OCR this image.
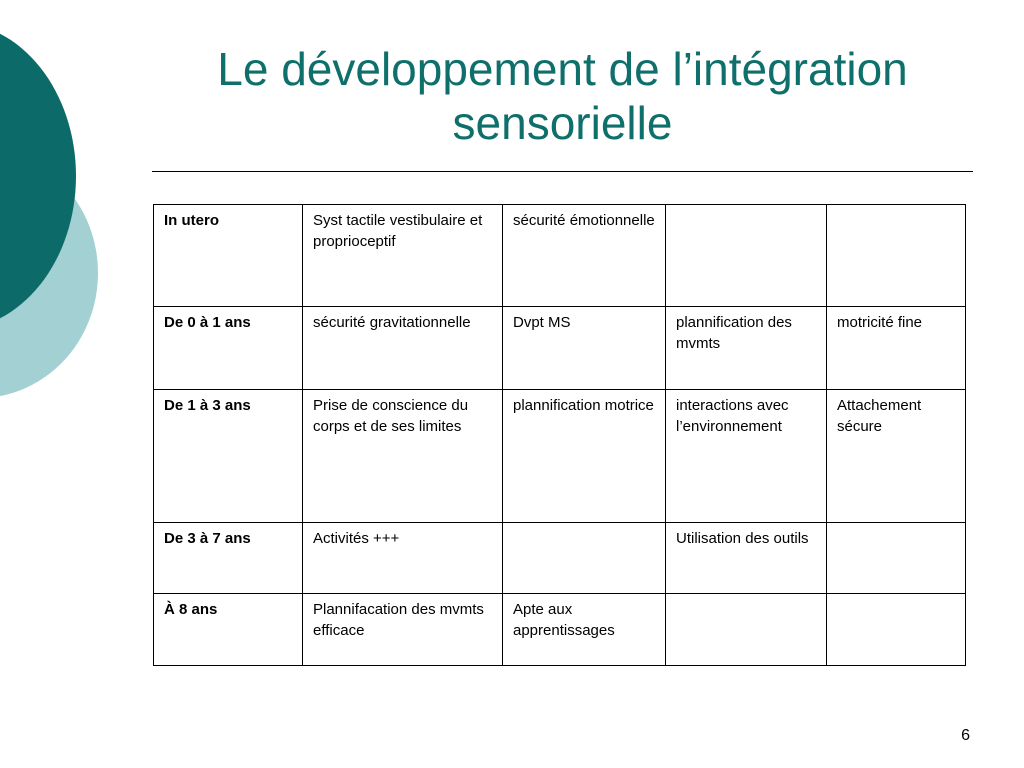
Le développement de l’intégration
sensorielle
In utero	Syst tactile vestibulaire et proprioceptif	sécurité émotionnelle		
De 0 à 1 ans	sécurité gravitationnelle	Dvpt MS	plannification des mvmts	motricité fine
De 1 à 3 ans	Prise de conscience du corps et de ses limites	plannification motrice	interactions avec l’environnement	Attachement sécure
De 3 à 7 ans	Activités +++		Utilisation des outils	
À 8 ans	Plannifacation des mvmts efficace	Apte aux apprentissages		
6
